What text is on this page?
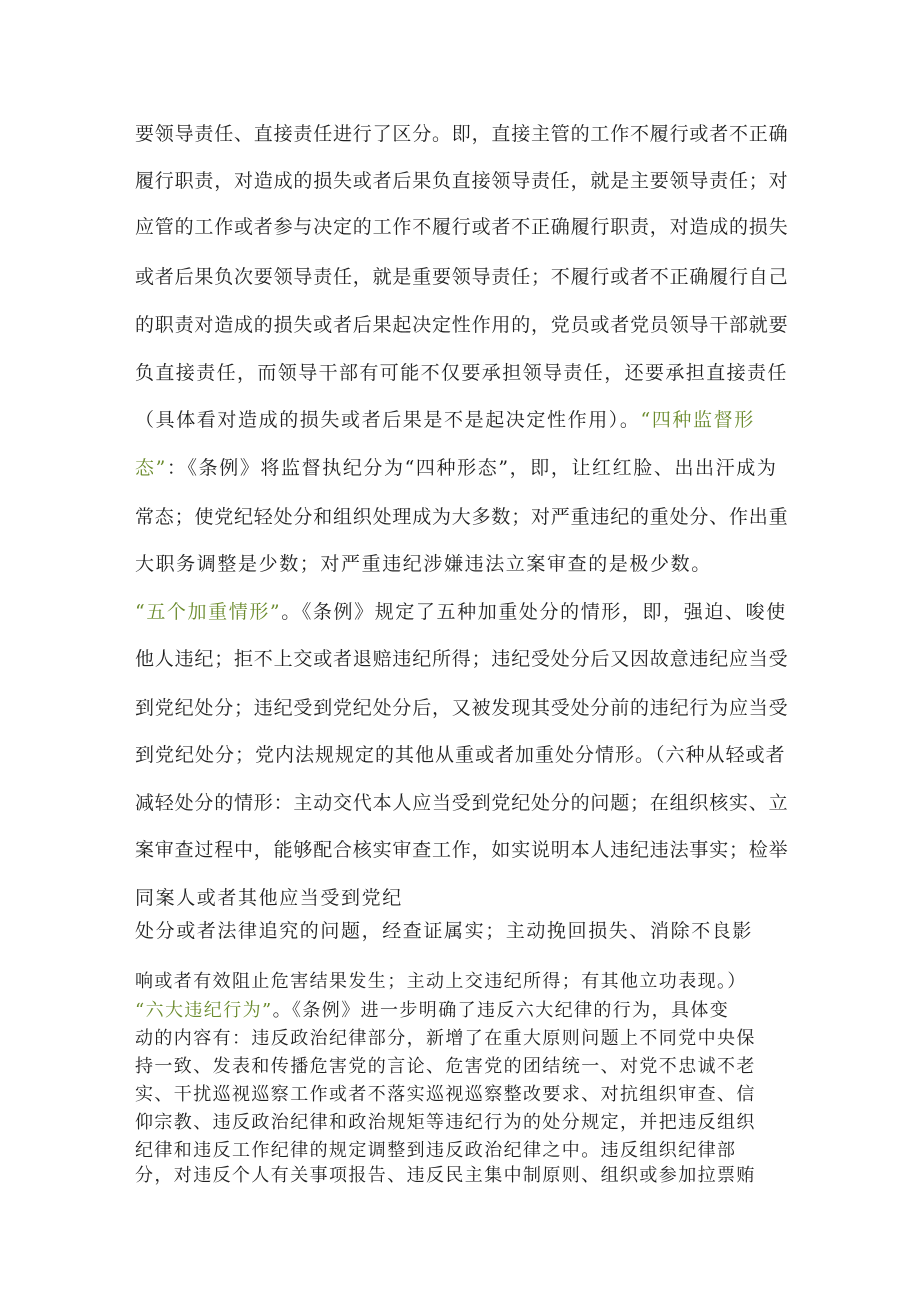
要领导责任、直接责任进行了区分。即，直接主管的工作不履行或者不正确
履行职责，对造成的损失或者后果负直接领导责任，就是主要领导责任；对
应管的工作或者参与决定的工作不履行或者不正确履行职责，对造成的损失
或者后果负次要领导责任，就是重要领导责任；不履行或者不正确履行自己
的职责对造成的损失或者后果起决定性作用的，党员或者党员领导干部就要
负直接责任，而领导干部有可能不仅要承担领导责任，还要承担直接责任
（具体看对造成的损失或者后果是不是起决定性作用）。“四种监督形
态”：《条例》将监督执纪分为“四种形态”，即，让红红脸、出出汗成为
常态；使党纪轻处分和组织处理成为大多数；对严重违纪的重处分、作出重
大职务调整是少数；对严重违纪涉嫌违法立案审查的是极少数。
“五个加重情形”。《条例》规定了五种加重处分的情形，即，强迫、唆使
他人违纪；拒不上交或者退赔违纪所得；违纪受处分后又因故意违纪应当受
到党纪处分；违纪受到党纪处分后，又被发现其受处分前的违纪行为应当受
到党纪处分；党内法规规定的其他从重或者加重处分情形。（六种从轻或者
减轻处分的情形：主动交代本人应当受到党纪处分的问题；在组织核实、立
案审查过程中，能够配合核实审查工作，如实说明本人违纪违法事实；检举
同案人或者其他应当受到党纪
处分或者法律追究的问题，经查证属实；主动挽回损失、消除不良影
响或者有效阻止危害结果发生；主动上交违纪所得；有其他立功表现。）
“六大违纪行为”。《条例》进一步明确了违反六大纪律的行为，具体变
动的内容有：违反政治纪律部分，新增了在重大原则问题上不同党中央保
持一致、发表和传播危害党的言论、危害党的团结统一、对党不忠诚不老
实、干扰巡视巡察工作或者不落实巡视巡察整改要求、对抗组织审查、信
仰宗教、违反政治纪律和政治规矩等违纪行为的处分规定，并把违反组织
纪律和违反工作纪律的规定调整到违反政治纪律之中。违反组织纪律部
分，对违反个人有关事项报告、违反民主集中制原则、组织或参加拉票贿
